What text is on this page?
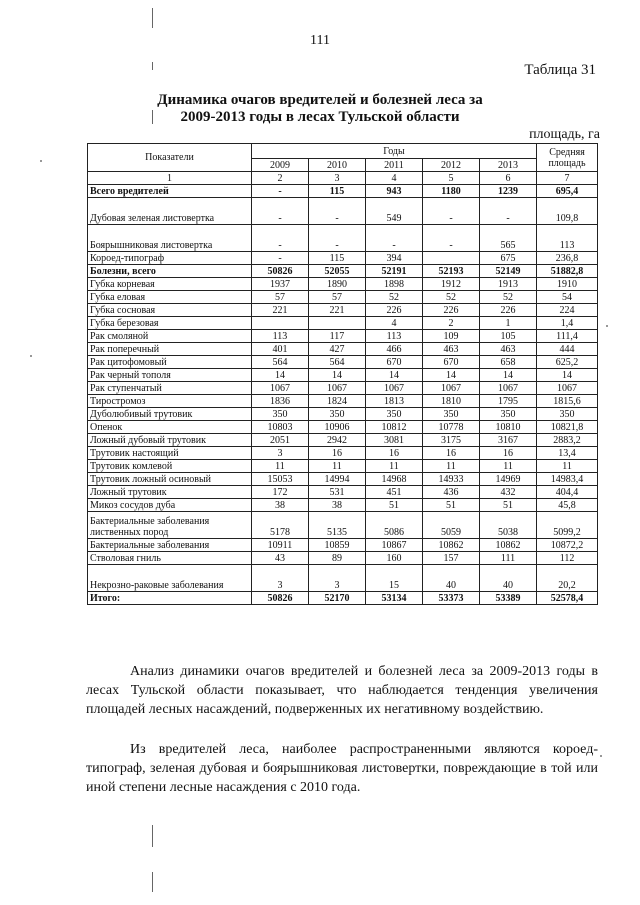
111
Таблица 31
Динамика очагов вредителей и болезней леса за
2009-2013 годы в лесах Тульской области
площадь, га
Показатели	Годы					Средняя
площадь

	2009	2010	2011	2012	2013	
1	2	3	4	5	6	7
Всего вредителей	-	115	943	1180	1239	695,4
Дубовая зеленая листовертка	-	-	549	-	-	109,8
Боярышниковая листовертка	-	-	-	-	565	113
Короед-типограф	-	115	394		675	236,8
Болезни, всего	50826	52055	52191	52193	52149	51882,8
Губка корневая	1937	1890	1898	1912	1913	1910
Губка еловая	57	57	52	52	52	54
Губка сосновая	221	221	226	226	226	224
Губка березовая			4	2	1	1,4
Рак смоляной	113	117	113	109	105	111,4
Рак поперечный	401	427	466	463	463	444
Рак цитофомовый	564	564	670	670	658	625,2
Рак черный тополя	14	14	14	14	14	14
Рак ступенчатый	1067	1067	1067	1067	1067	1067
Тиростромоз	1836	1824	1813	1810	1795	1815,6
Дуболюбивый трутовик	350	350	350	350	350	350
Опенок	10803	10906	10812	10778	10810	10821,8
Ложный дубовый трутовик	2051	2942	3081	3175	3167	2883,2
Трутовик настоящий	3	16	16	16	16	13,4
Трутовик комлевой	11	11	11	11	11	11
Трутовик ложный осиновый	15053	14994	14968	14933	14969	14983,4
Ложный трутовик	172	531	451	436	432	404,4
Микоз сосудов дуба	38	38	51	51	51	45,8
Бактериальные заболевания лиственных пород	5178	5135	5086	5059	5038	5099,2
Бактериальные заболевания	10911	10859	10867	10862	10862	10872,2
Стволовая гниль	43	89	160	157	111	112
Некрозно-раковые заболевания	3	3	15	40	40	20,2
Итого:	50826	52170	53134	53373	53389	52578,4
Анализ динамики очагов вредителей и болезней леса за 2009-2013 годы в лесах Тульской области показывает, что наблюдается тенденция увеличения площадей лесных насаждений, подверженных их негативному воздействию.
Из вредителей леса, наиболее распространенными являются короед-типограф, зеленая дубовая и боярышниковая листовертки, повреждающие в той или иной степени лесные насаждения с 2010 года.
